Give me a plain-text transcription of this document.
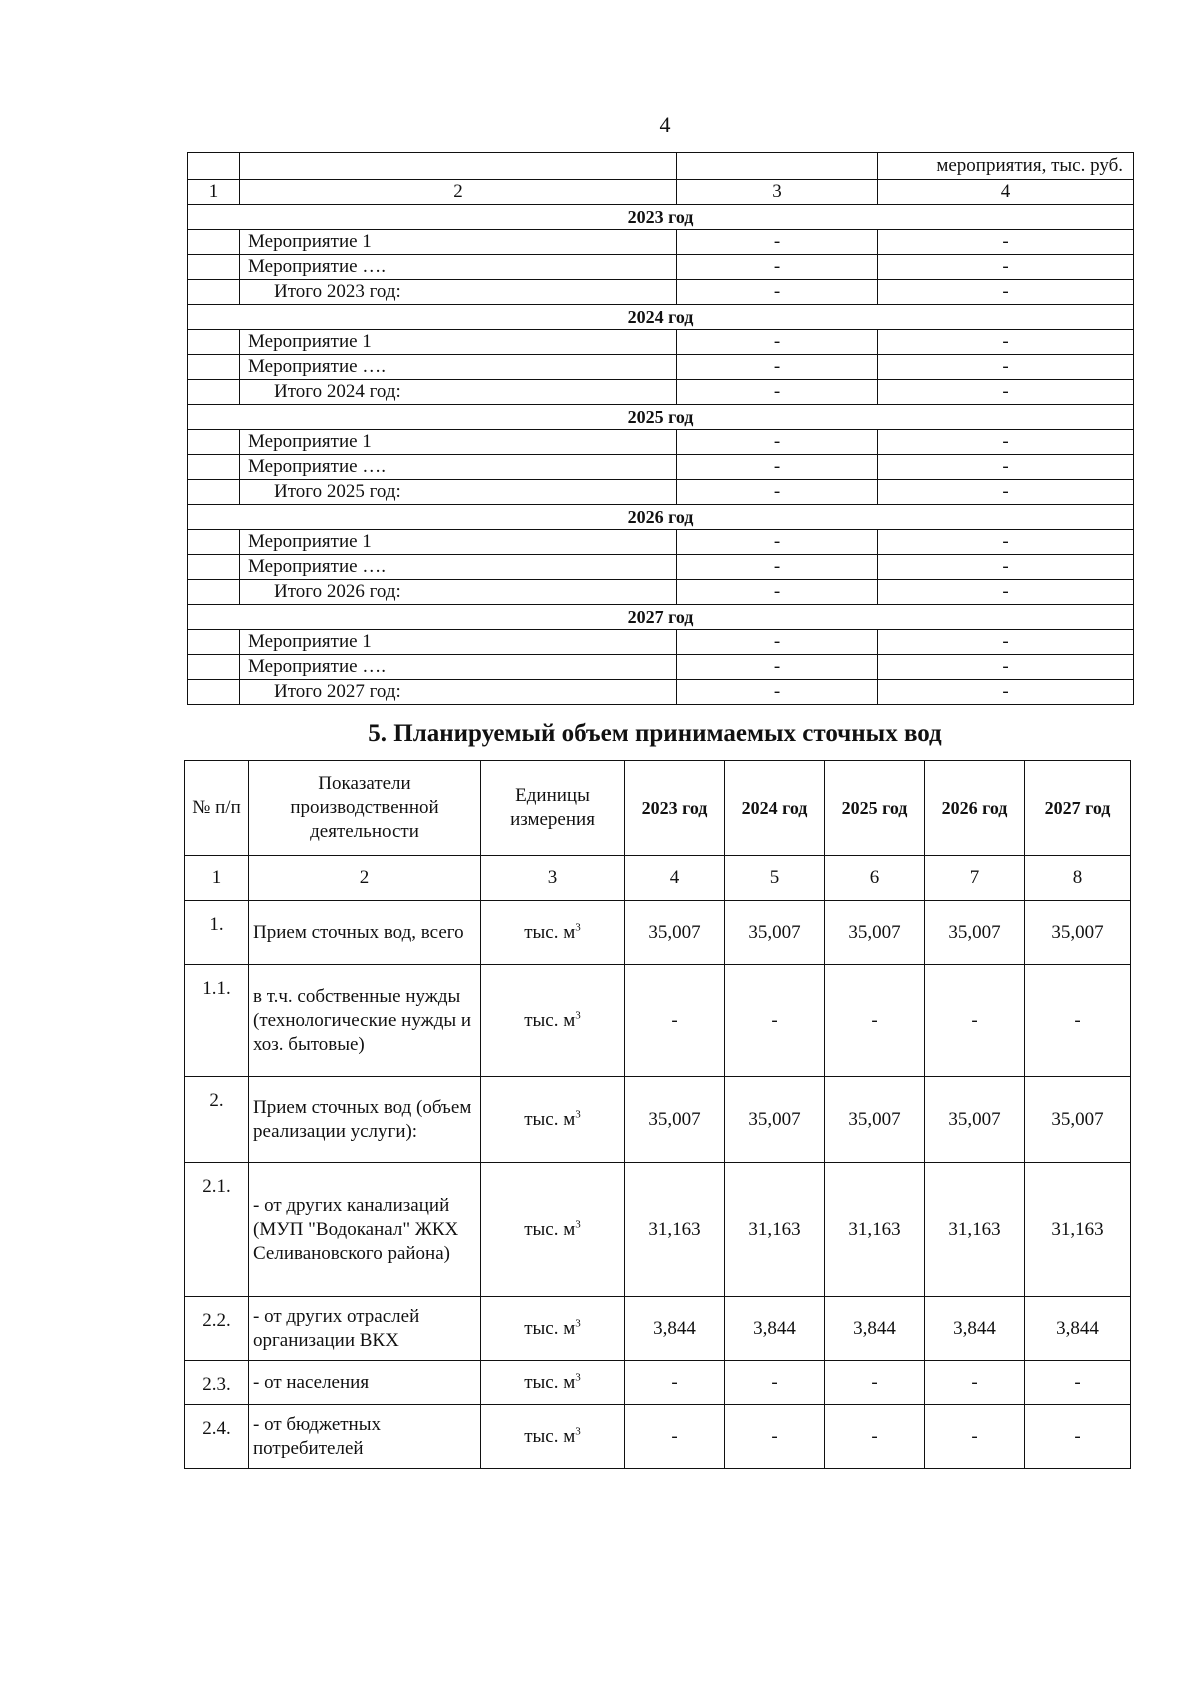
4
			мероприятия, тыс. руб.
1	2	3	4
2023 год			
	Мероприятие 1	-	-
	Мероприятие ….	-	-
	Итого 2023 год:	-	-
2024 год			
	Мероприятие 1	-	-
	Мероприятие ….	-	-
	Итого 2024 год:	-	-
2025 год			
	Мероприятие 1	-	-
	Мероприятие ….	-	-
	Итого 2025 год:	-	-
2026 год			
	Мероприятие 1	-	-
	Мероприятие ….	-	-
	Итого 2026 год:	-	-
2027 год			
	Мероприятие 1	-	-
	Мероприятие ….	-	-
	Итого 2027 год:	-	-
5. Планируемый объем принимаемых сточных вод
№ п/п	Показатели производственной деятельности	Единицы измерения	2023 год	2024 год	2025 год	2026 год	2027 год
1	2	3	4	5	6	7	8
1.	Прием сточных вод, всего	тыс. $м^3$	35,007	35,007	35,007	35,007	35,007
1.1.	в т.ч. собственные нужды (технологические нужды и хоз. бытовые)	тыс. $м^3$	-	-	-	-	-
2.	Прием сточных вод (объем реализации услуги):	тыс. $м^3$	35,007	35,007	35,007	35,007	35,007
2.1.	- от других канализаций (МУП "Водоканал" ЖКХ Селивановского района)	тыс. $м^3$	31,163	31,163	31,163	31,163	31,163
2.2.	- от других отраслей организации ВКХ	тыс. $м^3$	3,844	3,844	3,844	3,844	3,844
2.3.	- от населения	тыс. $м^3$	-	-	-	-	-
2.4.	- от бюджетных потребителей	тыс. $м^3$	-	-	-	-	-
